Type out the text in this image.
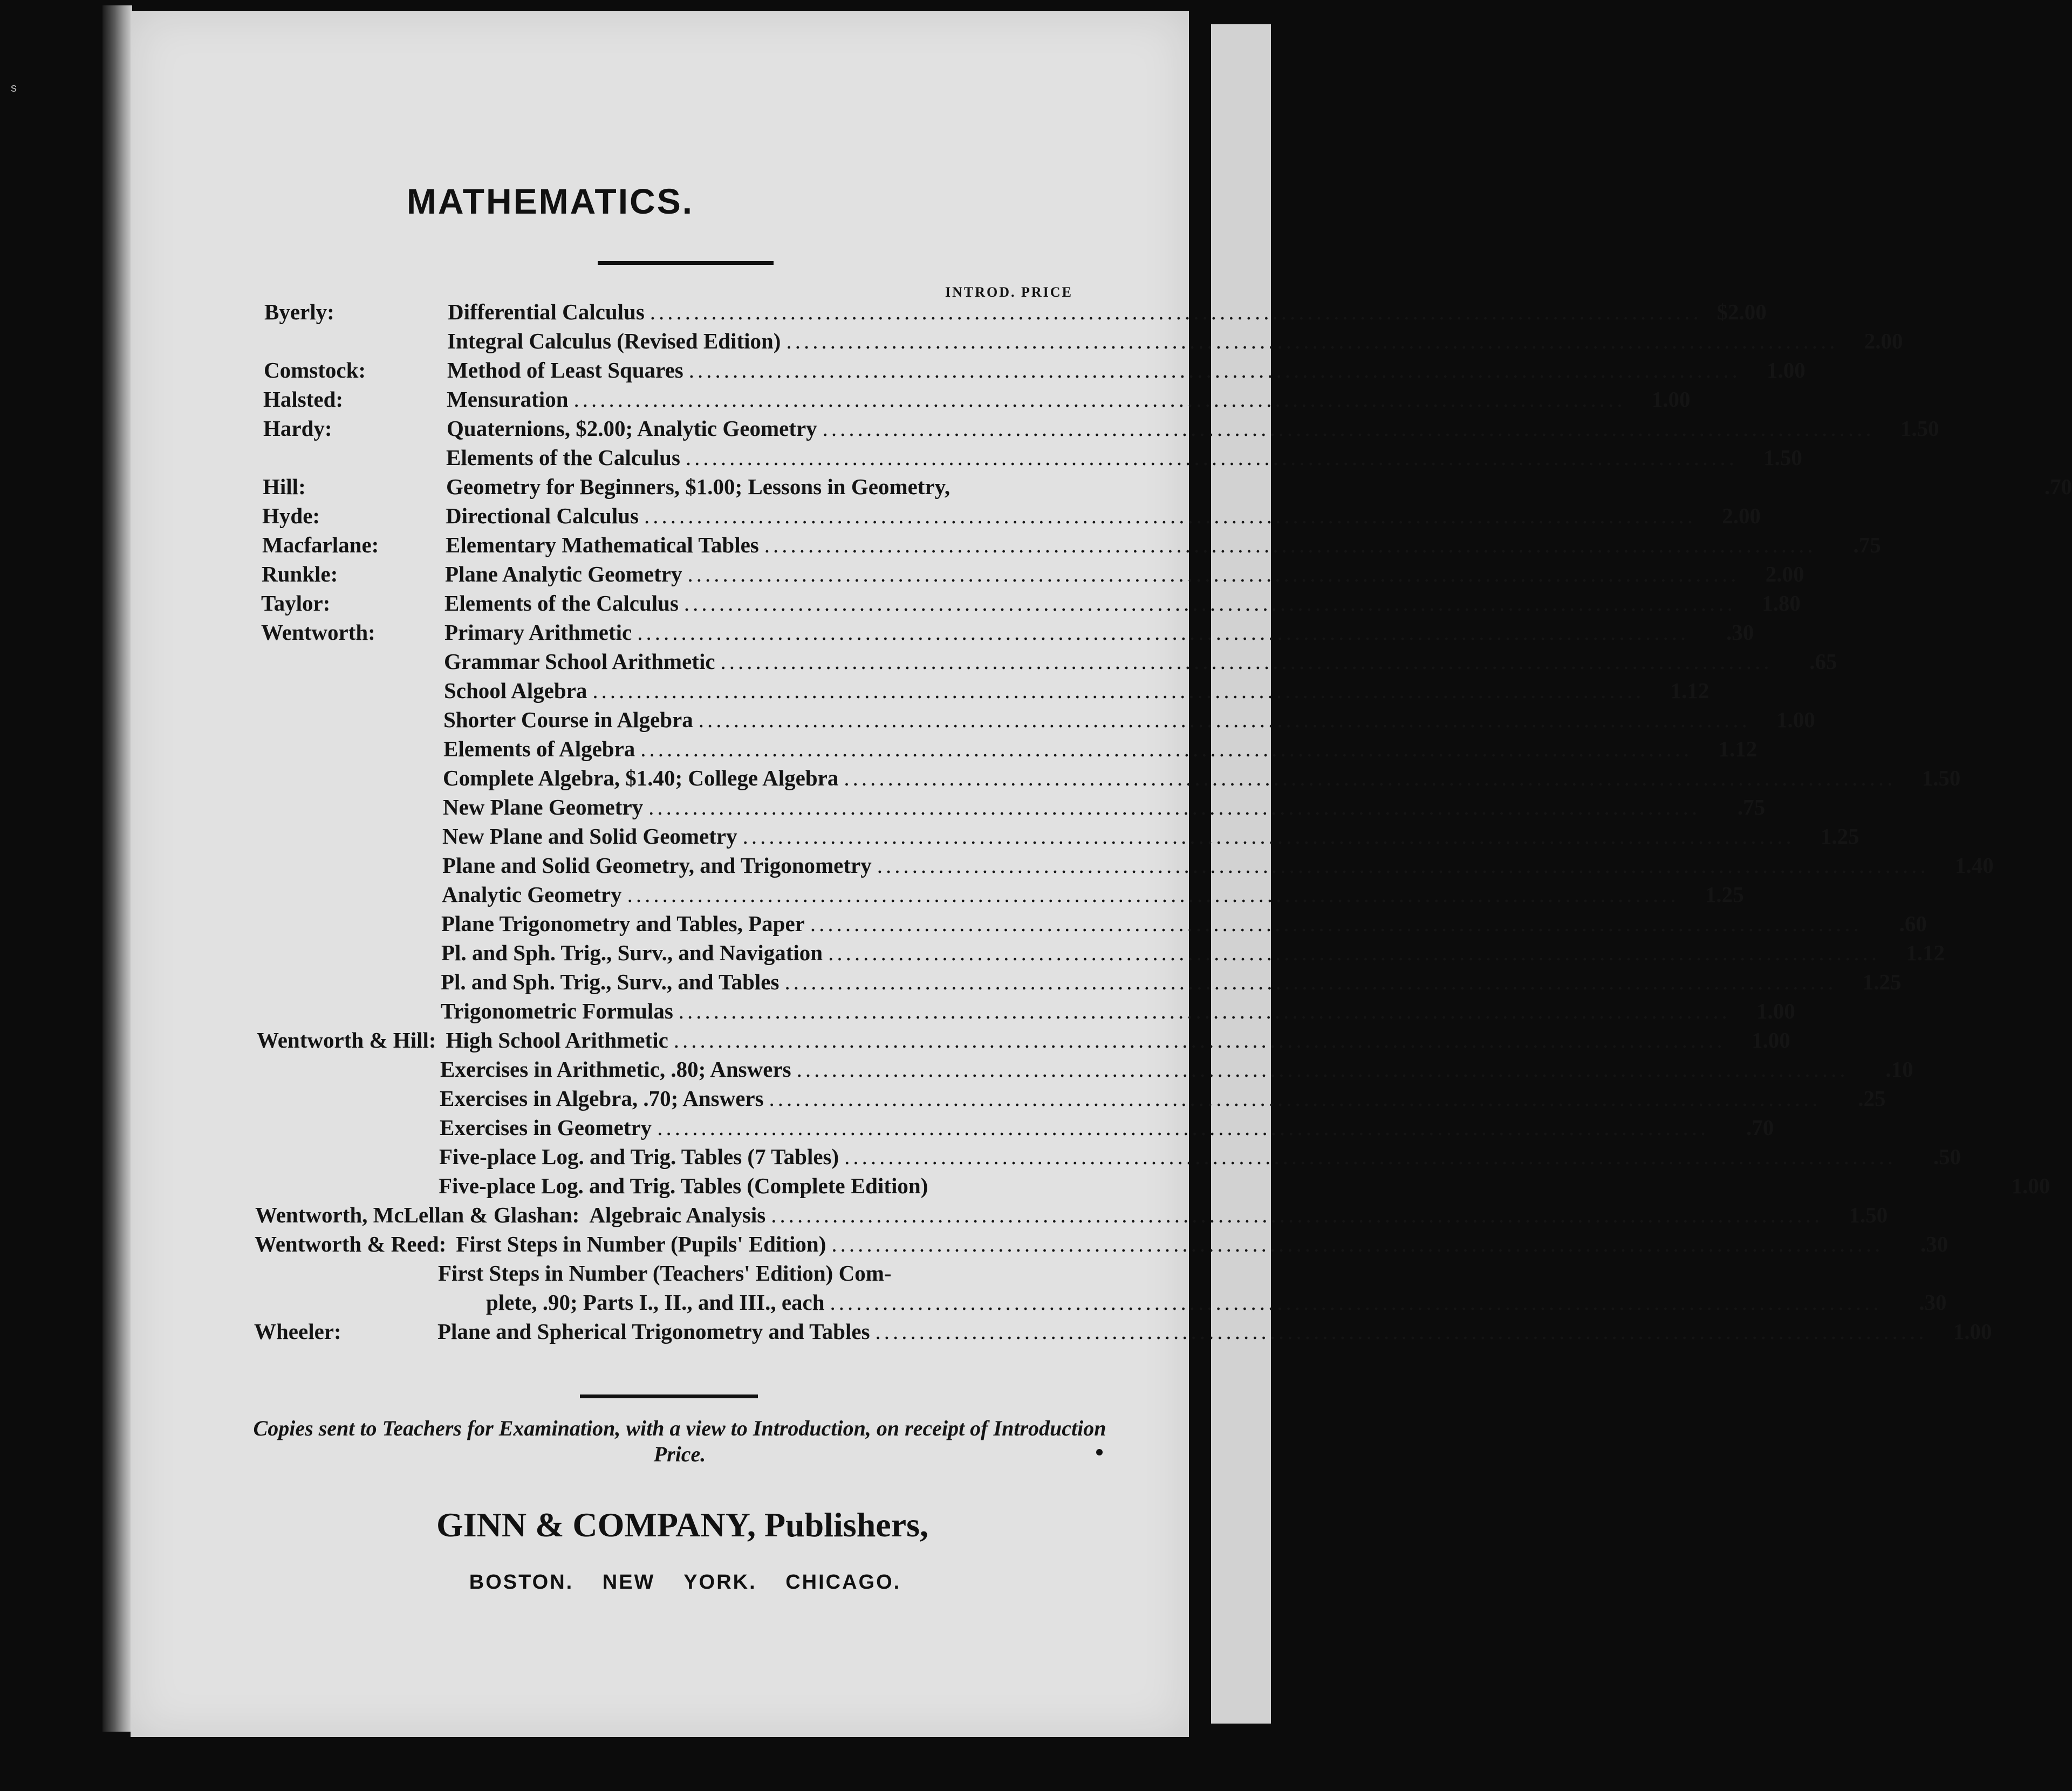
s
MATHEMATICS.
INTROD. PRICE
Byerly:	Differential Calculus ........................................................................................................................ $2.00
Integral Calculus (Revised Edition) ........................................................................................................................	2.00
Comstock:	Method of Least Squares ........................................................................................................................	1.00
Halsted:	Mensuration ........................................................................................................................	1.00
Hardy:	Quaternions, $2.00; Analytic Geometry ........................................................................................................................	1.50
Elements of the Calculus ........................................................................................................................	1.50
Hill:	Geometry for Beginners, $1.00; Lessons in Geometry,	.70
Hyde:	Directional Calculus ........................................................................................................................	2.00
Macfarlane:	Elementary Mathematical Tables ........................................................................................................................	.75
Runkle:	Plane Analytic Geometry ........................................................................................................................	2.00
Taylor:	Elements of the Calculus ........................................................................................................................	1.80
Wentworth:	Primary Arithmetic ........................................................................................................................	.30
Grammar School Arithmetic ........................................................................................................................	.65
School Algebra ........................................................................................................................	1.12
Shorter Course in Algebra ........................................................................................................................	1.00
Elements of Algebra ........................................................................................................................	1.12
Complete Algebra, $1.40; College Algebra ........................................................................................................................	1.50
New Plane Geometry ........................................................................................................................	.75
New Plane and Solid Geometry ........................................................................................................................	1.25
Plane and Solid Geometry, and Trigonometry ........................................................................................................................	1.40
Analytic Geometry ........................................................................................................................	1.25
Plane Trigonometry and Tables, Paper ........................................................................................................................	.60
Pl. and Sph. Trig., Surv., and Navigation ........................................................................................................................	1.12
Pl. and Sph. Trig., Surv., and Tables ........................................................................................................................	1.25
Trigonometric Formulas ........................................................................................................................	1.00
Wentworth & Hill: High School Arithmetic ........................................................................................................................	1.00
Exercises in Arithmetic, .80; Answers ........................................................................................................................	.10
Exercises in Algebra, .70; Answers ........................................................................................................................	.25
Exercises in Geometry ........................................................................................................................	.70
Five-place Log. and Trig. Tables (7 Tables) ........................................................................................................................	.50
Five-place Log. and Trig. Tables (Complete Edition)	1.00
Wentworth, McLellan & Glashan: Algebraic Analysis ........................................................................................................................	1.50
Wentworth & Reed: First Steps in Number (Pupils' Edition) ........................................................................................................................	.30
First Steps in Number (Teachers' Edition) Com-
plete, .90; Parts I., II., and III., each ........................................................................................................................	.30
Wheeler:	Plane and Spherical Trigonometry and Tables ........................................................................................................................	1.00
Copies sent to Teachers for Examination, with a view to Introduction, on receipt of Introduction Price.
GINN & COMPANY, Publishers,
BOSTON. NEW YORK. CHICAGO.
